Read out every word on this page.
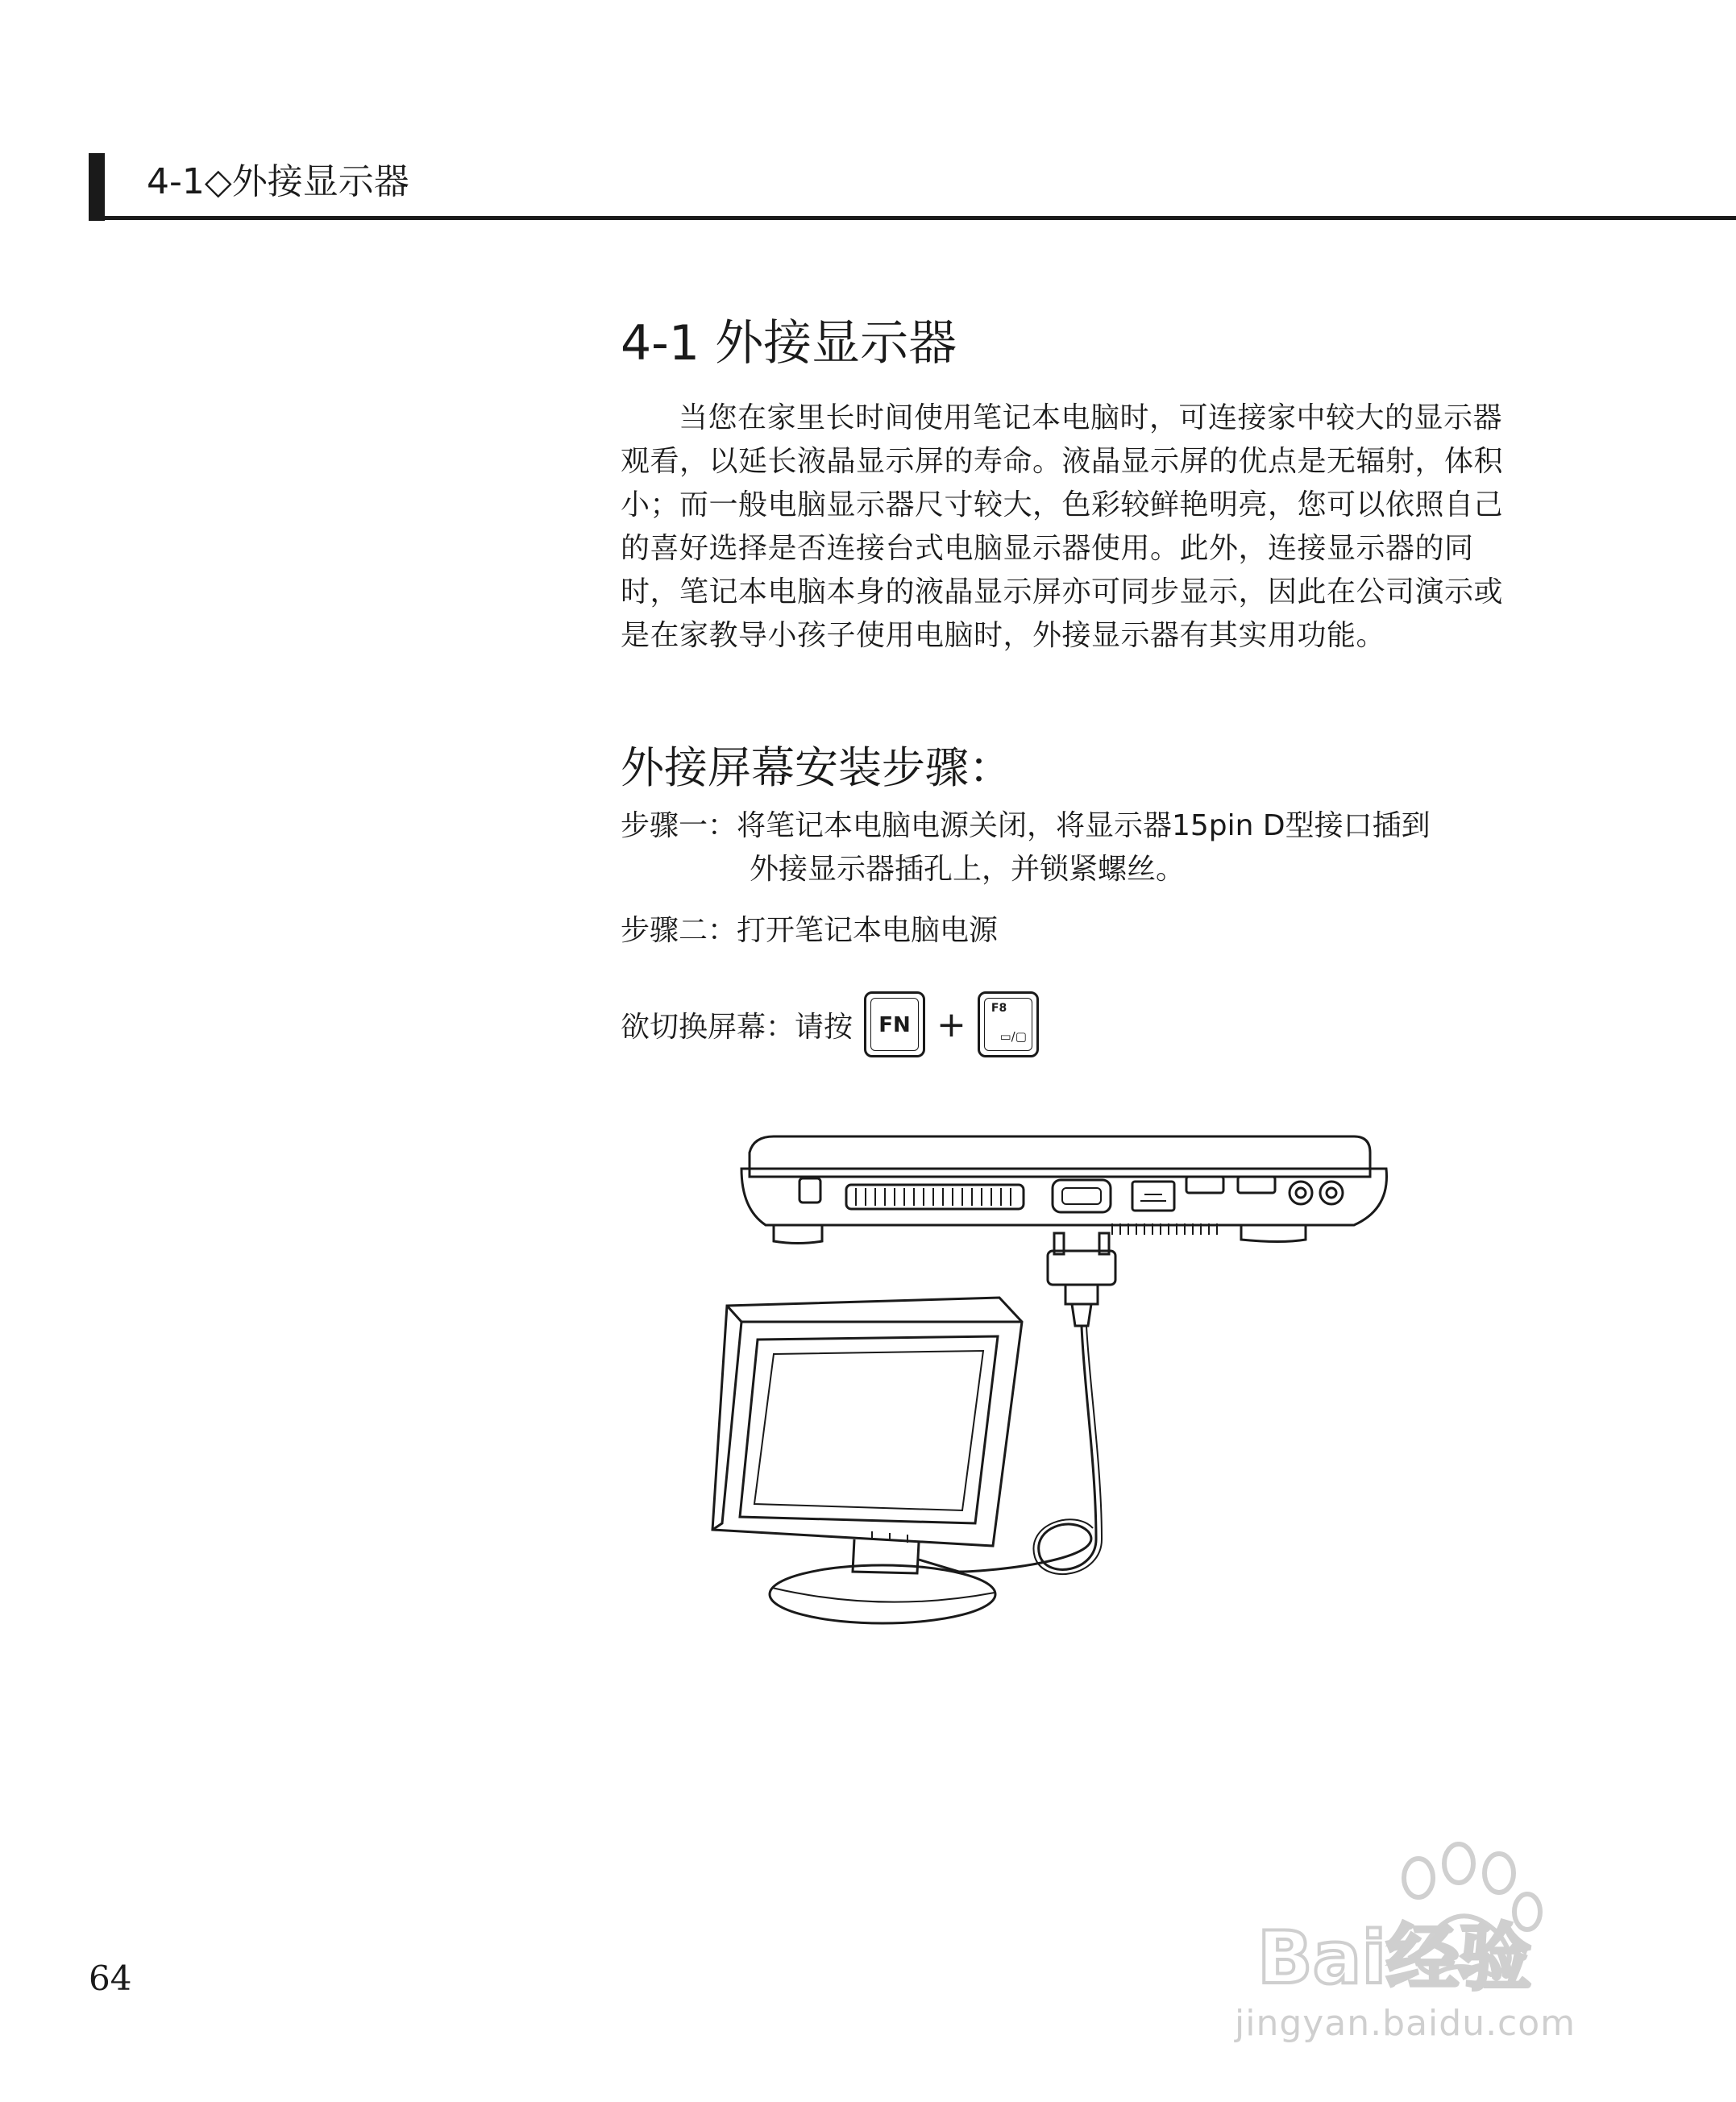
4-1◇外接显示器
4-1 外接显示器

当您在家里长时间使用笔记本电脑时，可连接家中较大的显示器观看，以延长液晶显示屏的寿命。液晶显示屏的优点是无辐射，体积小；而一般电脑显示器尺寸较大，色彩较鲜艳明亮，您可以依照自己的喜好选择是否连接台式电脑显示器使用。此外，连接显示器的同时，笔记本电脑本身的液晶显示屏亦可同步显示，因此在公司演示或是在家教导小孩子使用电脑时，外接显示器有其实用功能。

外接屏幕安装步骤：
步骤一：将笔记本电脑电源关闭，将显示器15pin D型接口插到
外接显示器插孔上，并锁紧螺丝。
步骤二：打开笔记本电脑电源
欲切换屏幕：请按	FN + F8
▭/▢
64	Bai经验
jingyan.baidu.com
